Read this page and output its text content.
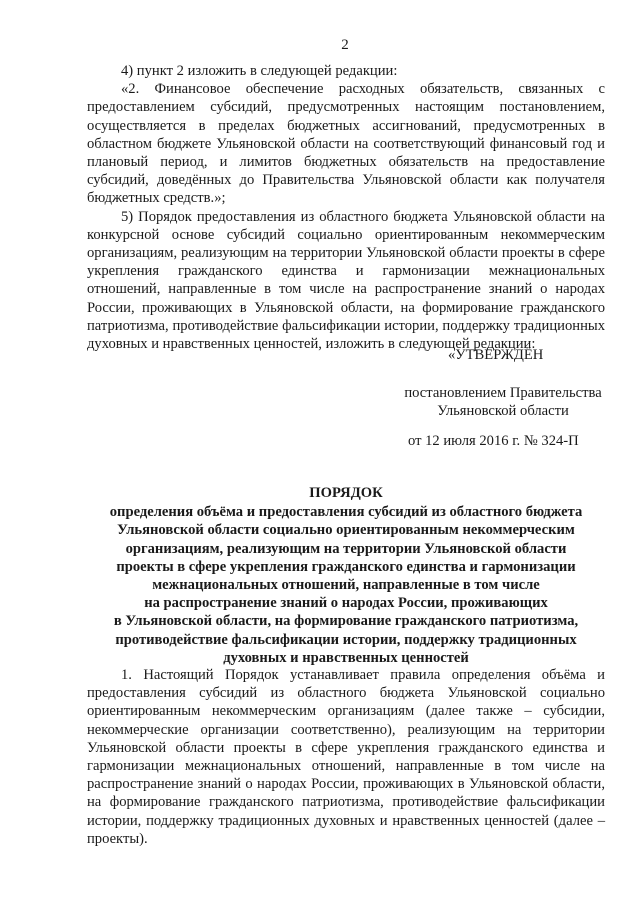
2

4) пункт 2 изложить в следующей редакции:

«2. Финансовое обеспечение расходных обязательств, связанных с предоставлением субсидий, предусмотренных настоящим постановлением, осуществляется в пределах бюджетных ассигнований, предусмотренных в областном бюджете Ульяновской области на соответствующий финансовый год и плановый период, и лимитов бюджетных обязательств на предоставление субсидий, доведённых до Правительства Ульяновской области как получателя бюджетных средств.»;

5) Порядок предоставления из областного бюджета Ульяновской области на конкурсной основе субсидий социально ориентированным некоммерческим организациям, реализующим на территории Ульяновской области проекты в сфере укрепления гражданского единства и гармонизации межнациональных отношений, направленные в том числе на распространение знаний о народах России, проживающих в Ульяновской области, на формирование гражданского патриотизма, противодействие фальсификации истории, поддержку традиционных духовных и нравственных ценностей, изложить в следующей редакции:

«УТВЕРЖДЁН
постановлением Правительства
Ульяновской области
от 12 июля 2016 г. № 324-П
ПОРЯДОК
определения объёма и предоставления субсидий из областного бюджета
Ульяновской области социально ориентированным некоммерческим
организациям, реализующим на территории Ульяновской области
проекты в сфере укрепления гражданского единства и гармонизации
межнациональных отношений, направленные в том числе
на распространение знаний о народах России, проживающих
в Ульяновской области, на формирование гражданского патриотизма,
противодействие фальсификации истории, поддержку традиционных
духовных и нравственных ценностей

1. Настоящий Порядок устанавливает правила определения объёма и предоставления субсидий из областного бюджета Ульяновской социально ориентированным некоммерческим организациям (далее также – субсидии, некоммерческие организации соответственно), реализующим на территории Ульяновской области проекты в сфере укрепления гражданского единства и гармонизации межнациональных отношений, направленные в том числе на распространение знаний о народах России, проживающих в Ульяновской области, на формирование гражданского патриотизма, противодействие фальсификации истории, поддержку традиционных духовных и нравственных ценностей (далее – проекты).
